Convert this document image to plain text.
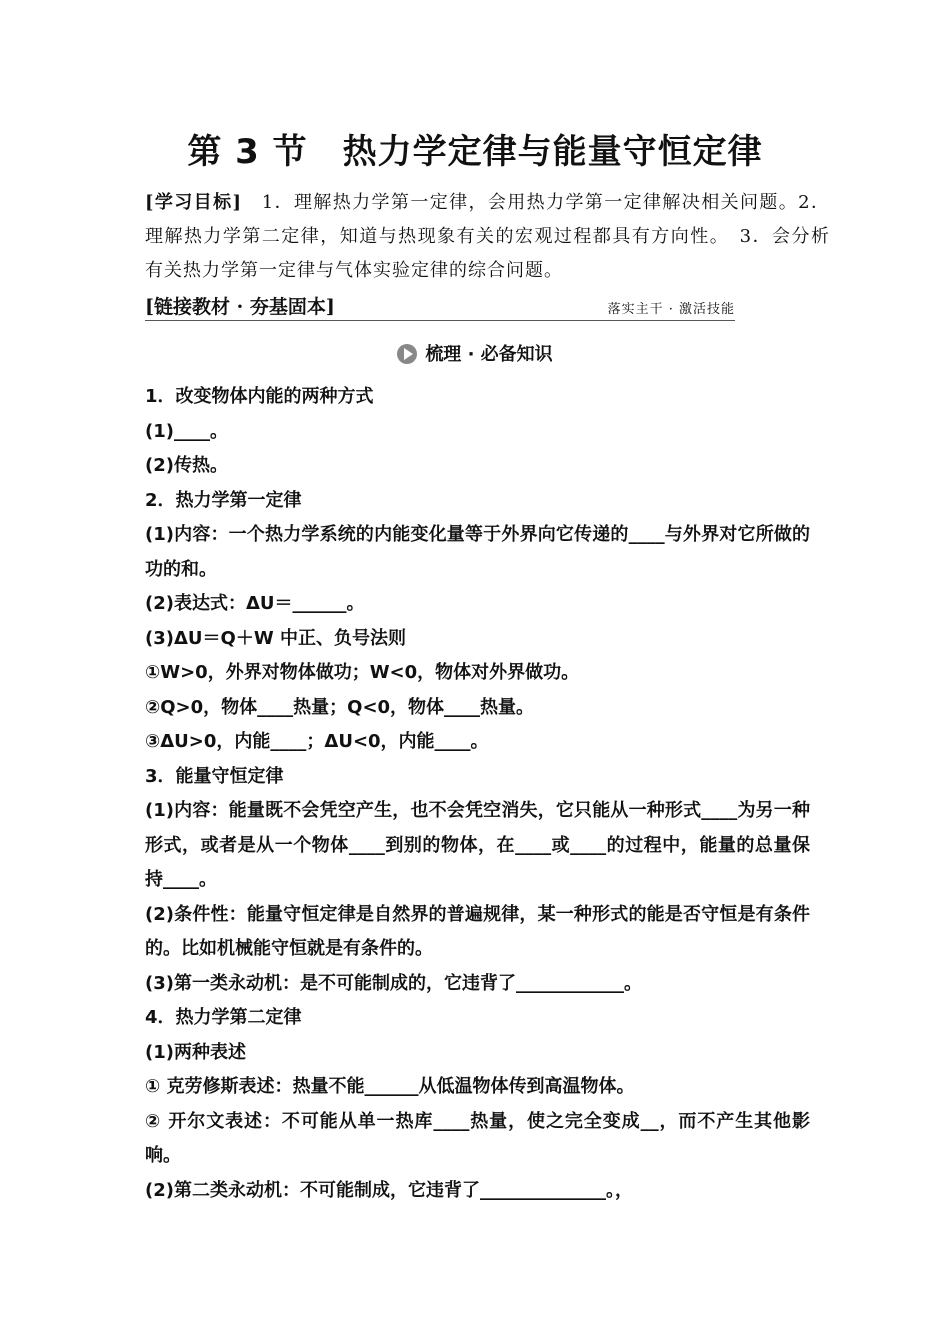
第 3 节　热力学定律与能量守恒定律
[学习目标]　1．理解热力学第一定律，会用热力学第一定律解决相关问题。2．理解热力学第二定律，知道与热现象有关的宏观过程都具有方向性。　3．会分析有关热力学第一定律与气体实验定律的综合问题。
[链接教材 · 夯基固本]	落实主干 · 激活技能
梳理 · 必备知识

1．改变物体内能的两种方式

(1)____。

(2)传热。

2．热力学第一定律

(1)内容：一个热力学系统的内能变化量等于外界向它传递的____与外界对它所做的功的和。

(2)表达式：ΔU＝______。

(3)ΔU＝Q＋W 中正、负号法则

①W>0，外界对物体做功；W<0，物体对外界做功。

②Q>0，物体____热量；Q<0，物体____热量。

③ΔU>0，内能____；ΔU<0，内能____。

3．能量守恒定律

(1)内容：能量既不会凭空产生，也不会凭空消失，它只能从一种形式____为另一种形式，或者是从一个物体____到别的物体，在____或____的过程中，能量的总量保持____。

(2)条件性：能量守恒定律是自然界的普遍规律，某一种形式的能是否守恒是有条件的。比如机械能守恒就是有条件的。

(3)第一类永动机：是不可能制成的，它违背了____________。

4．热力学第二定律

(1)两种表述

① 克劳修斯表述：热量不能______从低温物体传到高温物体。

② 开尔文表述：不可能从单一热库____热量，使之完全变成__，而不产生其他影响。

(2)第二类永动机：不可能制成，它违背了______________。，
